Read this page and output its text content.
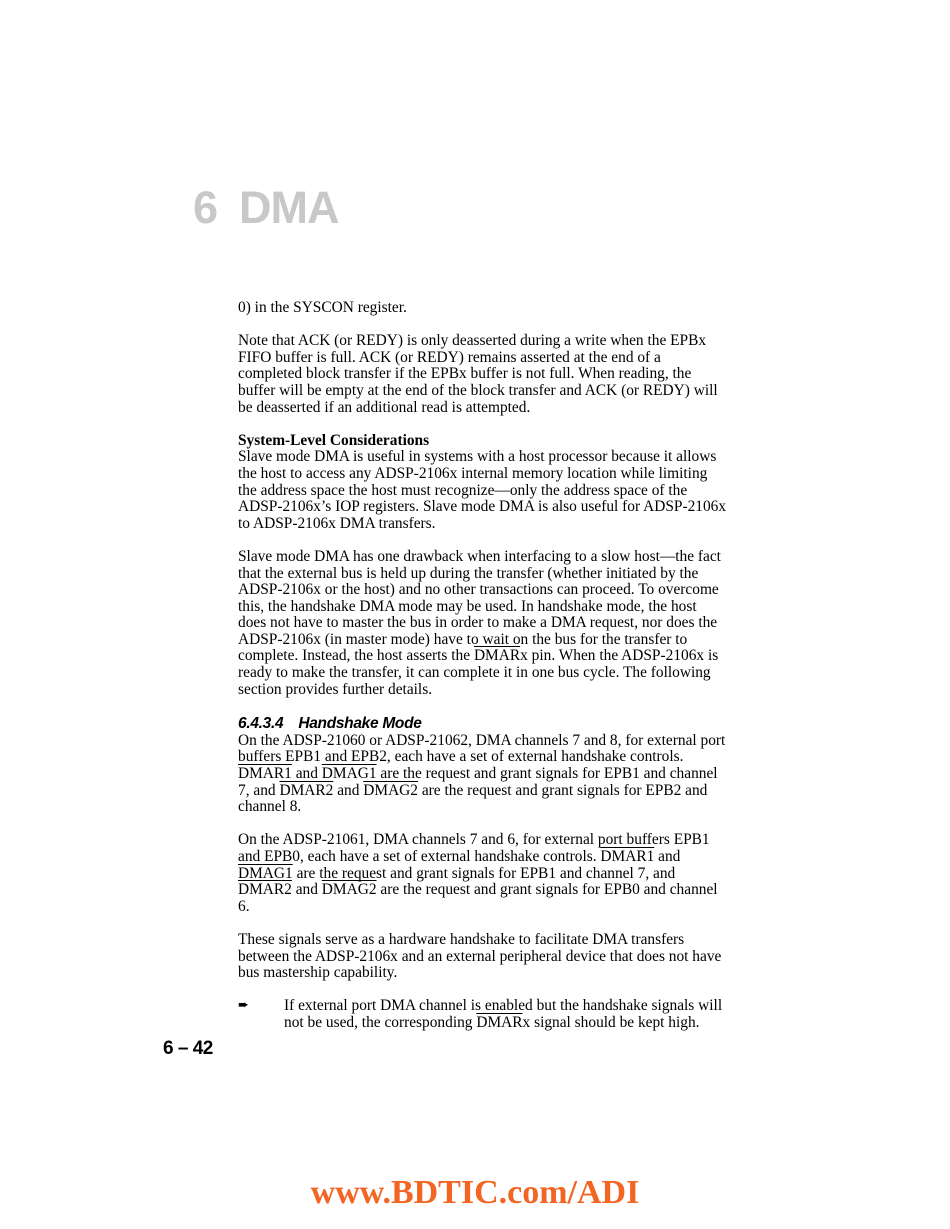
6 DMA

0) in the SYSCON register.

Note that ACK (or REDY) is only deasserted during a write when the EPBx FIFO buffer is full. ACK (or REDY) remains asserted at the end of a completed block transfer if the EPBx buffer is not full. When reading, the buffer will be empty at the end of the block transfer and ACK (or REDY) will be deasserted if an additional read is attempted.

System-Level Considerations
Slave mode DMA is useful in systems with a host processor because it allows the host to access any ADSP-2106x internal memory location while limiting the address space the host must recognize—only the address space of the ADSP-2106x’s IOP registers. Slave mode DMA is also useful for ADSP-2106x to ADSP-2106x DMA transfers.

Slave mode DMA has one drawback when interfacing to a slow host—the fact that the external bus is held up during the transfer (whether initiated by the ADSP-2106x or the host) and no other transactions can proceed. To overcome this, the handshake DMA mode may be used. In handshake mode, the host does not have to master the bus in order to make a DMA request, nor does the ADSP-2106x (in master mode) have to wait on the bus for the transfer to complete. Instead, the host asserts the DMARx pin. When the ADSP-2106x is ready to make the transfer, it can complete it in one bus cycle. The following section provides further details.

6.4.3.4 Handshake Mode

On the ADSP-21060 or ADSP-21062, DMA channels 7 and 8, for external port buffers EPB1 and EPB2, each have a set of external handshake controls. DMAR1 and DMAG1 are the request and grant signals for EPB1 and channel 7, and DMAR2 and DMAG2 are the request and grant signals for EPB2 and channel 8.

On the ADSP-21061, DMA channels 7 and 6, for external port buffers EPB1 and EPB0, each have a set of external handshake controls. DMAR1 and DMAG1 are the request and grant signals for EPB1 and channel 7, and DMAR2 and DMAG2 are the request and grant signals for EPB0 and channel 6.

These signals serve as a hardware handshake to facilitate DMA transfers between the ADSP-2106x and an external peripheral device that does not have bus mastership capability.

➨ If external port DMA channel is enabled but the handshake signals will not be used, the corresponding DMARx signal should be kept high.

6 – 42
www.BDTIC.com/ADI
